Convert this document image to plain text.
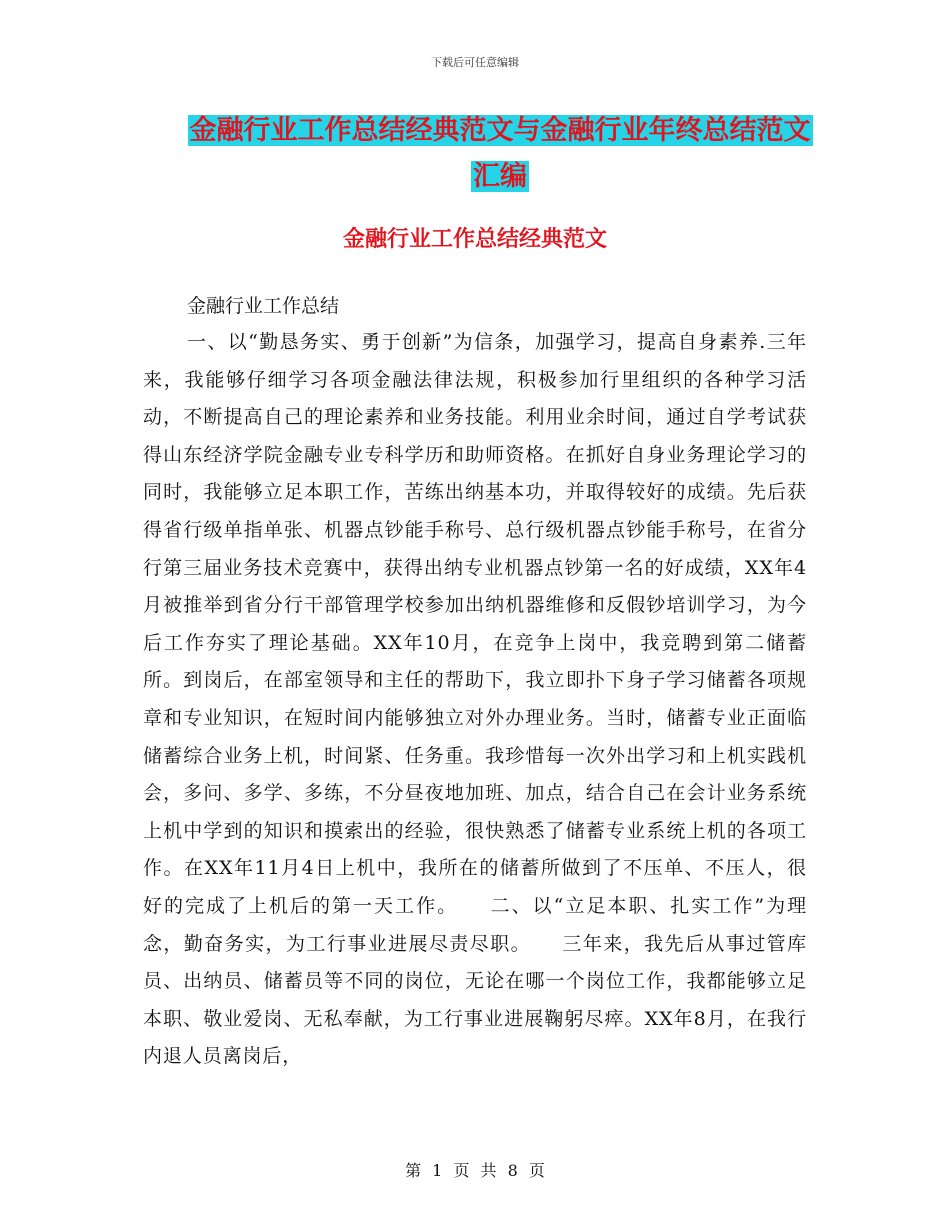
下载后可任意编辑
金融行业工作总结经典范文与金融行业年终总结范文
汇编
金融行业工作总结经典范文
金融行业工作总结
一、以“勤恳务实、勇于创新”为信条，加强学习，提高自身素养.三年来，我能够仔细学习各项金融法律法规，积极参加行里组织的各种学习活动，不断提高自己的理论素养和业务技能。利用业余时间，通过自学考试获得山东经济学院金融专业专科学历和助师资格。在抓好自身业务理论学习的同时，我能够立足本职工作，苦练出纳基本功，并取得较好的成绩。先后获得省行级单指单张、机器点钞能手称号、总行级机器点钞能手称号，在省分行第三届业务技术竞赛中，获得出纳专业机器点钞第一名的好成绩，XX年4月被推举到省分行干部管理学校参加出纳机器维修和反假钞培训学习，为今后工作夯实了理论基础。XX年10月，在竞争上岗中，我竞聘到第二储蓄所。到岗后，在部室领导和主任的帮助下，我立即扑下身子学习储蓄各项规章和专业知识，在短时间内能够独立对外办理业务。当时，储蓄专业正面临储蓄综合业务上机，时间紧、任务重。我珍惜每一次外出学习和上机实践机会，多问、多学、多练，不分昼夜地加班、加点，结合自己在会计业务系统上机中学到的知识和摸索出的经验，很快熟悉了储蓄专业系统上机的各项工作。在XX年11月4日上机中，我所在的储蓄所做到了不压单、不压人，很好的完成了上机后的第一天工作。　　二、以“立足本职、扎实工作”为理念，勤奋务实，为工行事业进展尽责尽职。　　三年来，我先后从事过管库员、出纳员、储蓄员等不同的岗位，无论在哪一个岗位工作，我都能够立足本职、敬业爱岗、无私奉献，为工行事业进展鞠躬尽瘁。XX年8月，在我行内退人员离岗后，
第 1 页 共 8 页
